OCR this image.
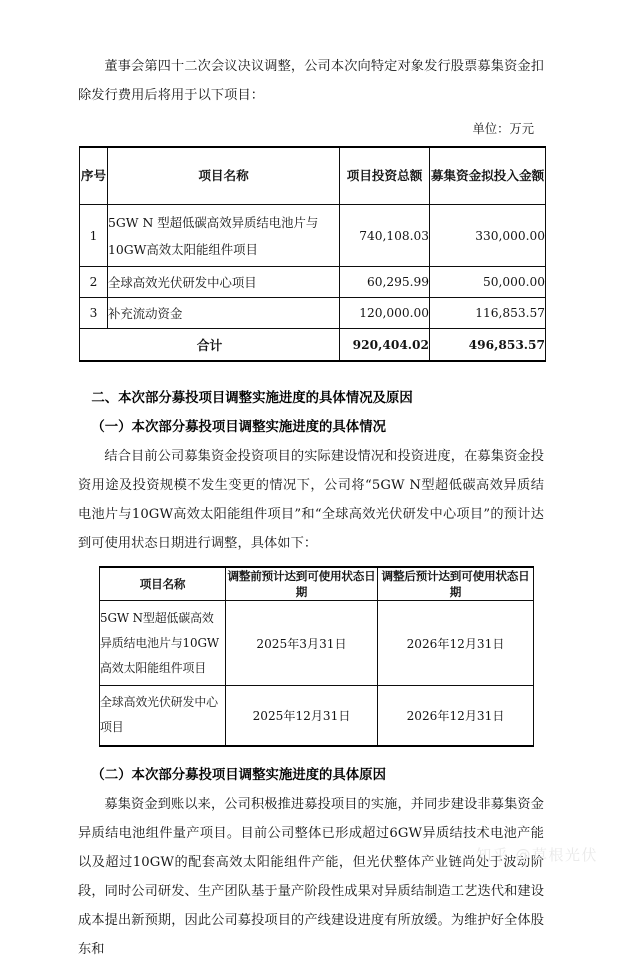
董事会第四十二次会议决议调整，公司本次向特定对象发行股票募集资金扣除发行费用后将用于以下项目：

单位：万元
序号	项目名称	项目投资总额	募集资金拟投入金额
1	5GW N 型超低碳高效异质结电池片与 10GW高效太阳能组件项目	740,108.03	330,000.00
2	全球高效光伏研发中心项目	60,295.99	50,000.00
3	补充流动资金	120,000.00	116,853.57
合计		920,404.02	496,853.57
二、本次部分募投项目调整实施进度的具体情况及原因
（一）本次部分募投项目调整实施进度的具体情况

结合目前公司募集资金投资项目的实际建设情况和投资进度，在募集资金投资用途及投资规模不发生变更的情况下，公司将“5GW N型超低碳高效异质结电池片与10GW高效太阳能组件项目”和“全球高效光伏研发中心项目”的预计达到可使用状态日期进行调整，具体如下：

项目名称	调整前预计达到可使用状态日期	调整后预计达到可使用状态日期
5GW N型超低碳高效异质结电池片与10GW高效太阳能组件项目	2025年3月31日	2026年12月31日
全球高效光伏研发中心项目	2025年12月31日	2026年12月31日
（二）本次部分募投项目调整实施进度的具体原因

募集资金到账以来，公司积极推进募投项目的实施，并同步建设非募集资金异质结电池组件量产项目。目前公司整体已形成超过6GW异质结技术电池产能以及超过10GW的配套高效太阳能组件产能，但光伏整体产业链尚处于波动阶段，同时公司研发、生产团队基于量产阶段性成果对异质结制造工艺迭代和建设成本提出新预期，因此公司募投项目的产线建设进度有所放缓。为维护好全体股东和

知乎 @草根光伏
